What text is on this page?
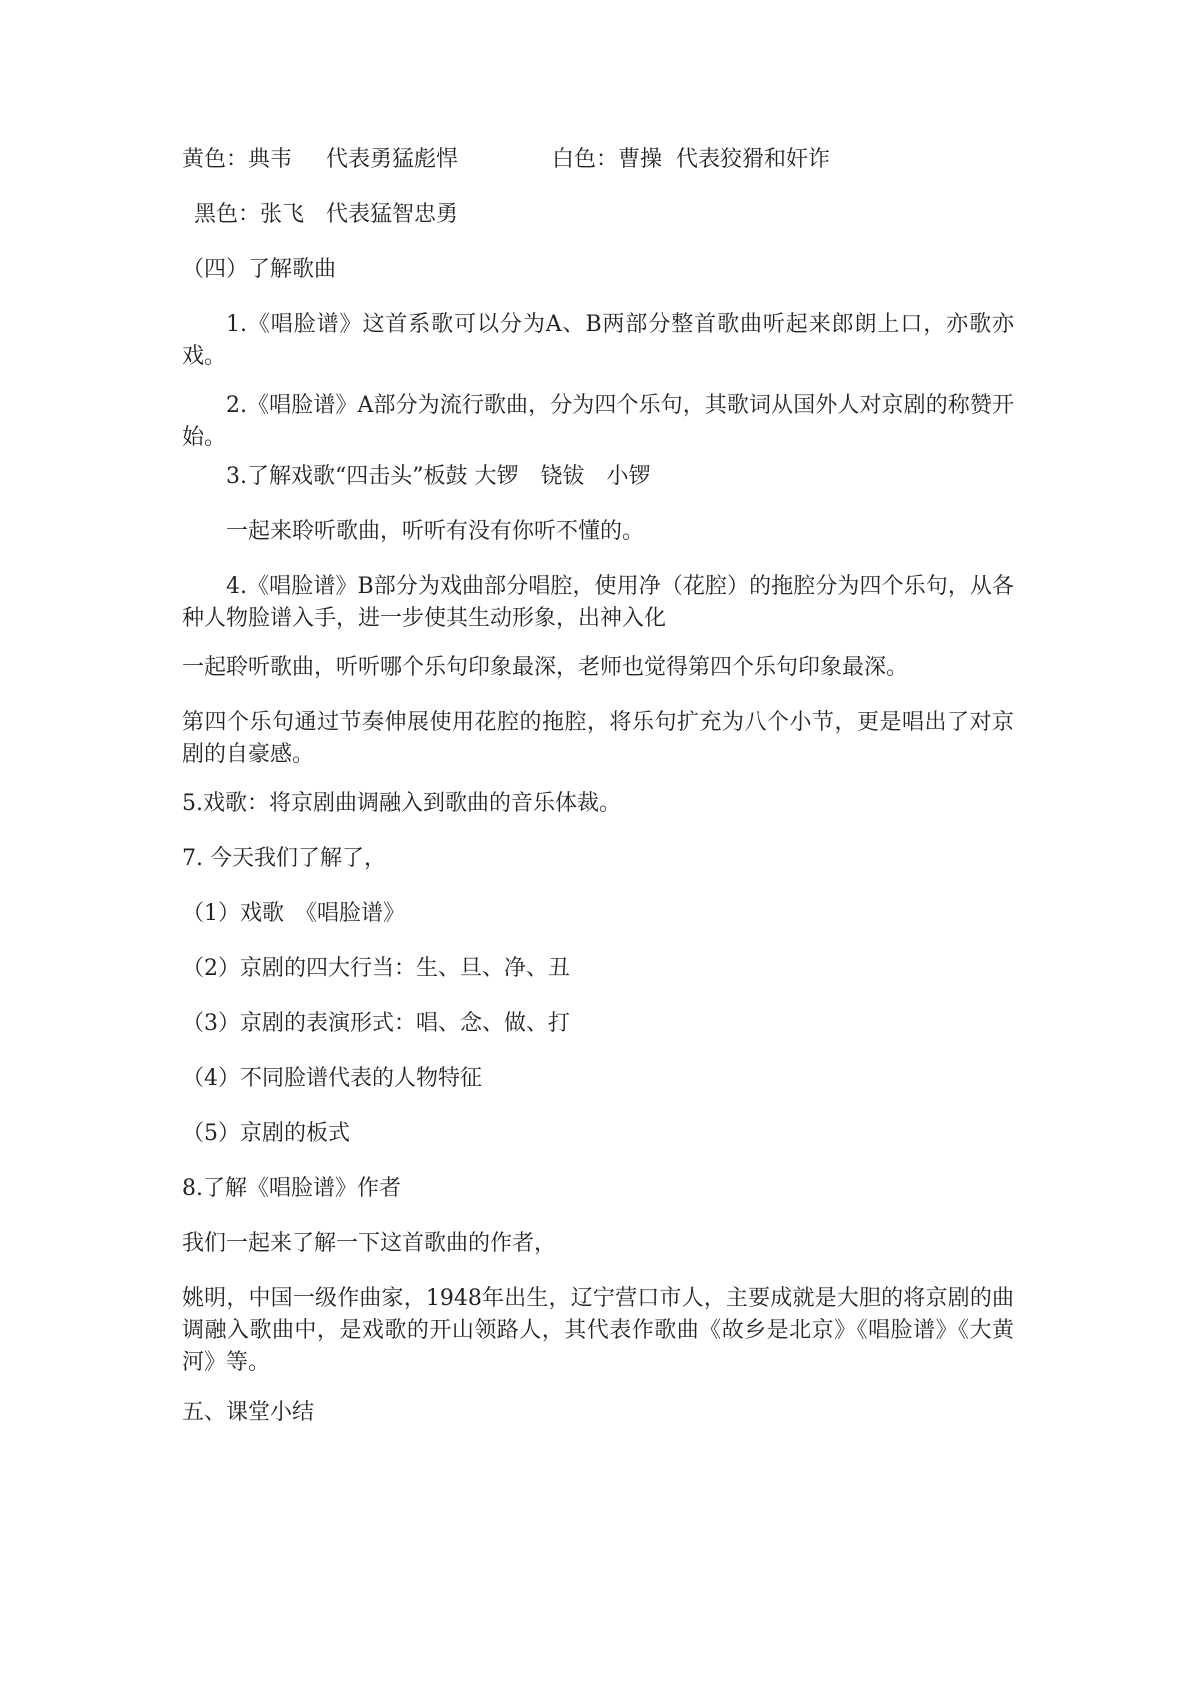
黄色：典韦 代表勇猛彪悍	白色：曹操 代表狡猾和奸诈
黑色：张飞 代表猛智忠勇

（四）了解歌曲

1.《唱脸谱》这首系歌可以分为A、B两部分整首歌曲听起来郎朗上口，亦歌亦戏。

2.《唱脸谱》A部分为流行歌曲，分为四个乐句，其歌词从国外人对京剧的称赞开始。

3.了解戏歌“四击头”板鼓 大锣　铙钹　小锣

一起来聆听歌曲，听听有没有你听不懂的。

4.《唱脸谱》B部分为戏曲部分唱腔，使用净（花腔）的拖腔分为四个乐句，从各种人物脸谱入手，进一步使其生动形象，出神入化

一起聆听歌曲，听听哪个乐句印象最深，老师也觉得第四个乐句印象最深。

第四个乐句通过节奏伸展使用花腔的拖腔，将乐句扩充为八个小节，更是唱出了对京剧的自豪感。

5.戏歌：将京剧曲调融入到歌曲的音乐体裁。

7. 今天我们了解了，

（1）戏歌　《唱脸谱》

（2）京剧的四大行当：生、旦、净、丑

（3）京剧的表演形式：唱、念、做、打

（4）不同脸谱代表的人物特征

（5）京剧的板式

8.了解《唱脸谱》作者

我们一起来了解一下这首歌曲的作者，

姚明，中国一级作曲家，1948年出生，辽宁营口市人，主要成就是大胆的将京剧的曲调融入歌曲中，是戏歌的开山领路人，其代表作歌曲《故乡是北京》《唱脸谱》《大黄河》等。

五、课堂小结
